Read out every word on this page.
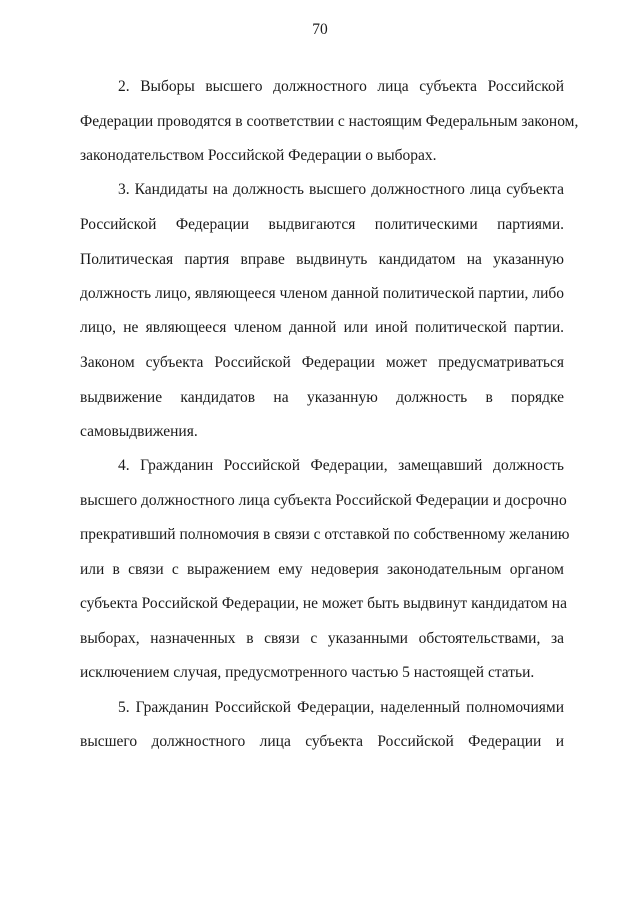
70
2. Выборы высшего должностного лица субъекта Российской
Федерации проводятся в соответствии с настоящим Федеральным законом,
законодательством Российской Федерации о выборах.
3. Кандидаты на должность высшего должностного лица субъекта
Российской Федерации выдвигаются политическими партиями.
Политическая партия вправе выдвинуть кандидатом на указанную
должность лицо, являющееся членом данной политической партии, либо
лицо, не являющееся членом данной или иной политической партии.
Законом субъекта Российской Федерации может предусматриваться
выдвижение кандидатов на указанную должность в порядке
самовыдвижения.
4. Гражданин Российской Федерации, замещавший должность
высшего должностного лица субъекта Российской Федерации и досрочно
прекративший полномочия в связи с отставкой по собственному желанию
или в связи с выражением ему недоверия законодательным органом
субъекта Российской Федерации, не может быть выдвинут кандидатом на
выборах, назначенных в связи с указанными обстоятельствами, за
исключением случая, предусмотренного частью 5 настоящей статьи.
5. Гражданин Российской Федерации, наделенный полномочиями
высшего должностного лица субъекта Российской Федерации и
